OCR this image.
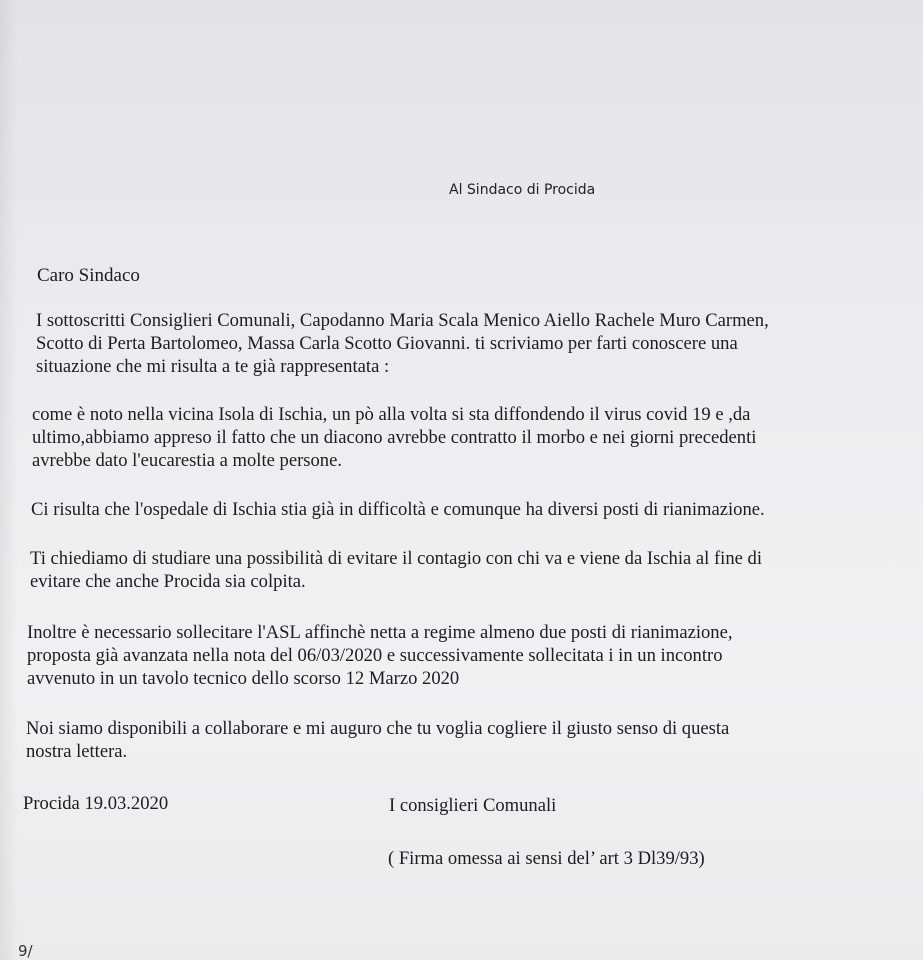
Al Sindaco di Procida
Caro Sindaco

I sottoscritti Consiglieri Comunali, Capodanno Maria Scala Menico Aiello Rachele Muro Carmen,
Scotto di Perta Bartolomeo, Massa Carla Scotto Giovanni. ti scriviamo per farti conoscere una
situazione che mi risulta a te già rappresentata :

come è noto nella vicina Isola di Ischia, un pò alla volta si sta diffondendo il virus covid 19 e ,da
ultimo,abbiamo appreso il fatto che un diacono avrebbe contratto il morbo e nei giorni precedenti
avrebbe dato l'eucarestia a molte persone.

Ci risulta che l'ospedale di Ischia stia già in difficoltà e comunque ha diversi posti di rianimazione.

Ti chiediamo di studiare una possibilità di evitare il contagio con chi va e viene da Ischia al fine di
evitare che anche Procida sia colpita.

Inoltre è necessario sollecitare l'ASL affinchè netta a regime almeno due posti di rianimazione,
proposta già avanzata nella nota del 06/03/2020 e successivamente sollecitata i in un incontro
avvenuto in un tavolo tecnico dello scorso 12 Marzo 2020

Noi siamo disponibili a collaborare e mi auguro che tu voglia cogliere il giusto senso di questa
nostra lettera.

Procida 19.03.2020	I consiglieri Comunali
( Firma omessa ai sensi del’ art 3 Dl39/93)
9/
